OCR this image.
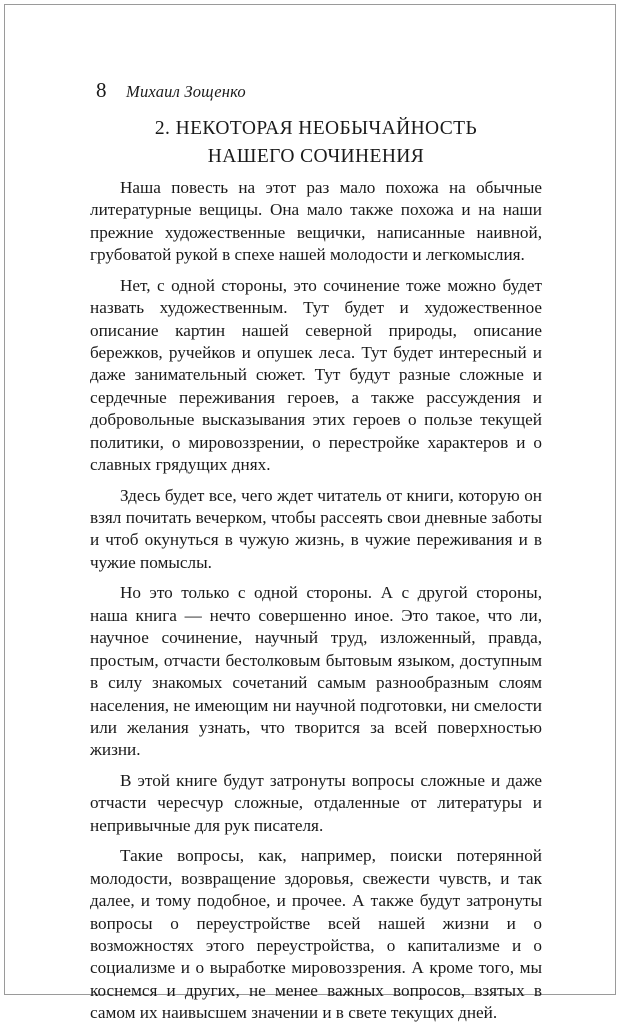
8	Михаил Зощенко
2. НЕКОТОРАЯ НЕОБЫЧАЙНОСТЬ
НАШЕГО СОЧИНЕНИЯ

Наша повесть на этот раз мало похожа на обычные литературные вещицы. Она мало также похожа и на наши прежние художественные вещички, написанные наивной, грубоватой рукой в спехе нашей молодости и легкомыслия.

Нет, с одной стороны, это сочинение тоже можно будет назвать художественным. Тут будет и художественное описание картин нашей северной природы, описание бережков, ручейков и опушек леса. Тут будет интересный и даже занимательный сюжет. Тут будут разные сложные и сердечные переживания героев, а также рассуждения и добровольные высказывания этих героев о пользе текущей политики, о мировоззрении, о перестройке характеров и о славных грядущих днях.

Здесь будет все, чего ждет читатель от книги, которую он взял почитать вечерком, чтобы рассеять свои дневные заботы и чтоб окунуться в чужую жизнь, в чужие переживания и в чужие помыслы.

Но это только с одной стороны. А с другой стороны, наша книга — нечто совершенно иное. Это такое, что ли, научное сочинение, научный труд, изложенный, правда, простым, отчасти бестолковым бытовым языком, доступным в силу знакомых сочетаний самым разнообразным слоям населения, не имеющим ни научной подготовки, ни смелости или желания узнать, что творится за всей поверхностью жизни.

В этой книге будут затронуты вопросы сложные и даже отчасти чересчур сложные, отдаленные от литературы и непривычные для рук писателя.

Такие вопросы, как, например, поиски потерянной молодости, возвращение здоровья, свежести чувств, и так далее, и тому подобное, и прочее. А также будут затронуты вопросы о переустройстве всей нашей жизни и о возможностях этого переустройства, о капитализме и о социализме и о выработке мировоззрения. А кроме того, мы коснемся и других, не менее важных вопросов, взятых в самом их наивысшем значении и в свете текущих дней.
